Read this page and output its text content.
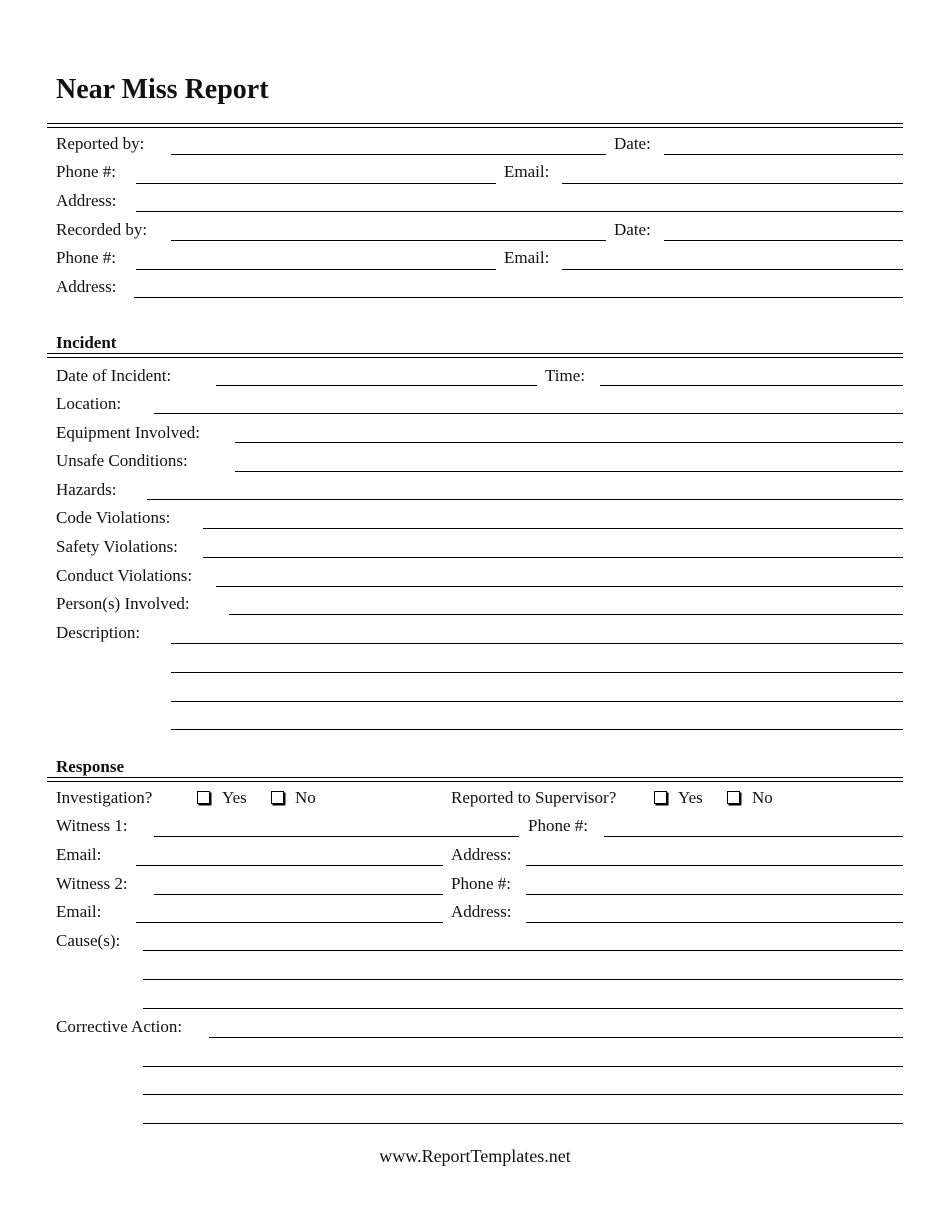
Near Miss Report
Reported by:	Date:
Phone #:	Email:
Address:
Recorded by:	Date:
Phone #:	Email:
Address:
Incident
Date of Incident:	Time:
Location:
Equipment Involved:
Unsafe Conditions:
Hazards:
Code Violations:
Safety Violations:
Conduct Violations:
Person(s) Involved:
Description:
Response
Investigation?	Yes	No	Reported to Supervisor?	Yes	No
Witness 1:	Phone #:
Email:	Address:
Witness 2:	Phone #:
Email:	Address:
Cause(s):
Corrective Action:
www.ReportTemplates.net
